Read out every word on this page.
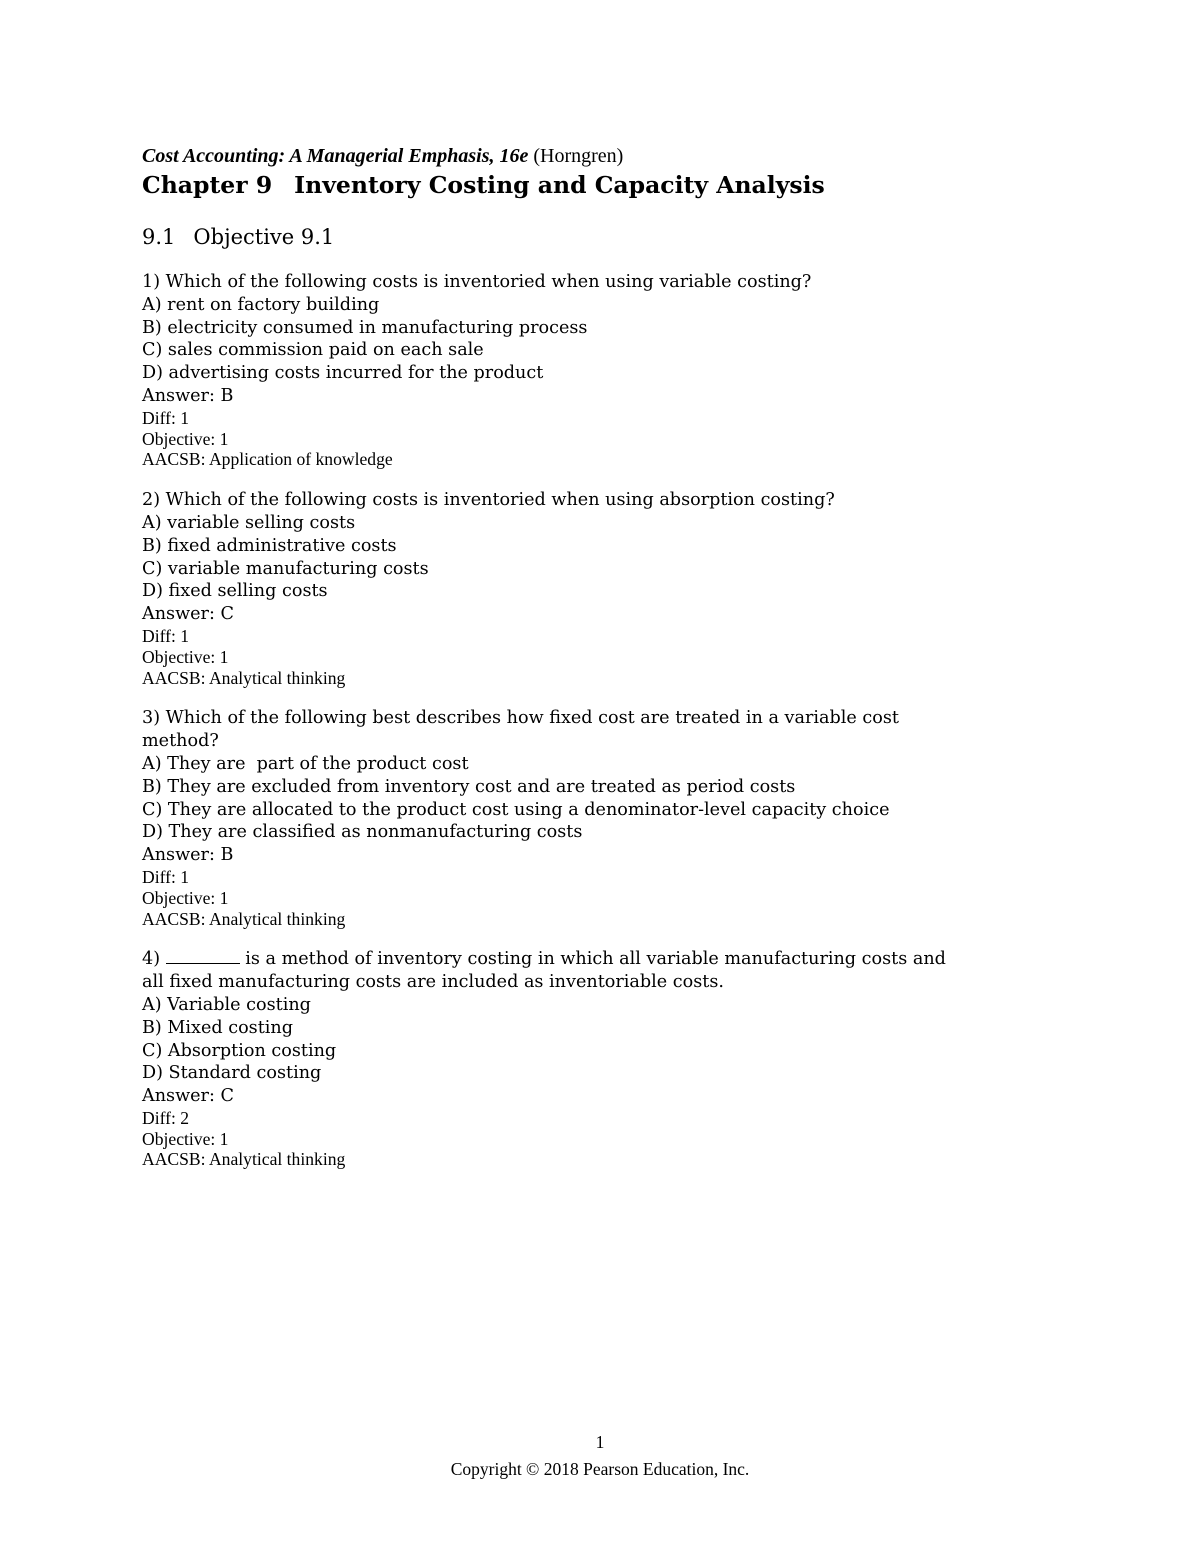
Cost Accounting: A Managerial Emphasis, 16e (Horngren)
Chapter 9 Inventory Costing and Capacity Analysis
9.1 Objective 9.1
1) Which of the following costs is inventoried when using variable costing?
A) rent on factory building
B) electricity consumed in manufacturing process
C) sales commission paid on each sale
D) advertising costs incurred for the product
Answer: B
Diff: 1
Objective: 1
AACSB: Application of knowledge
2) Which of the following costs is inventoried when using absorption costing?
A) variable selling costs
B) fixed administrative costs
C) variable manufacturing costs
D) fixed selling costs
Answer: C
Diff: 1
Objective: 1
AACSB: Analytical thinking
3) Which of the following best describes how fixed cost are treated in a variable cost
method?
A) They are  part of the product cost
B) They are excluded from inventory cost and are treated as period costs
C) They are allocated to the product cost using a denominator-level capacity choice
D) They are classified as nonmanufacturing costs
Answer: B
Diff: 1
Objective: 1
AACSB: Analytical thinking
4)	is a method of inventory costing in which all variable manufacturing costs and
all fixed manufacturing costs are included as inventoriable costs.
A) Variable costing
B) Mixed costing
C) Absorption costing
D) Standard costing
Answer: C
Diff: 2
Objective: 1
AACSB: Analytical thinking
1
Copyright © 2018 Pearson Education, Inc.
